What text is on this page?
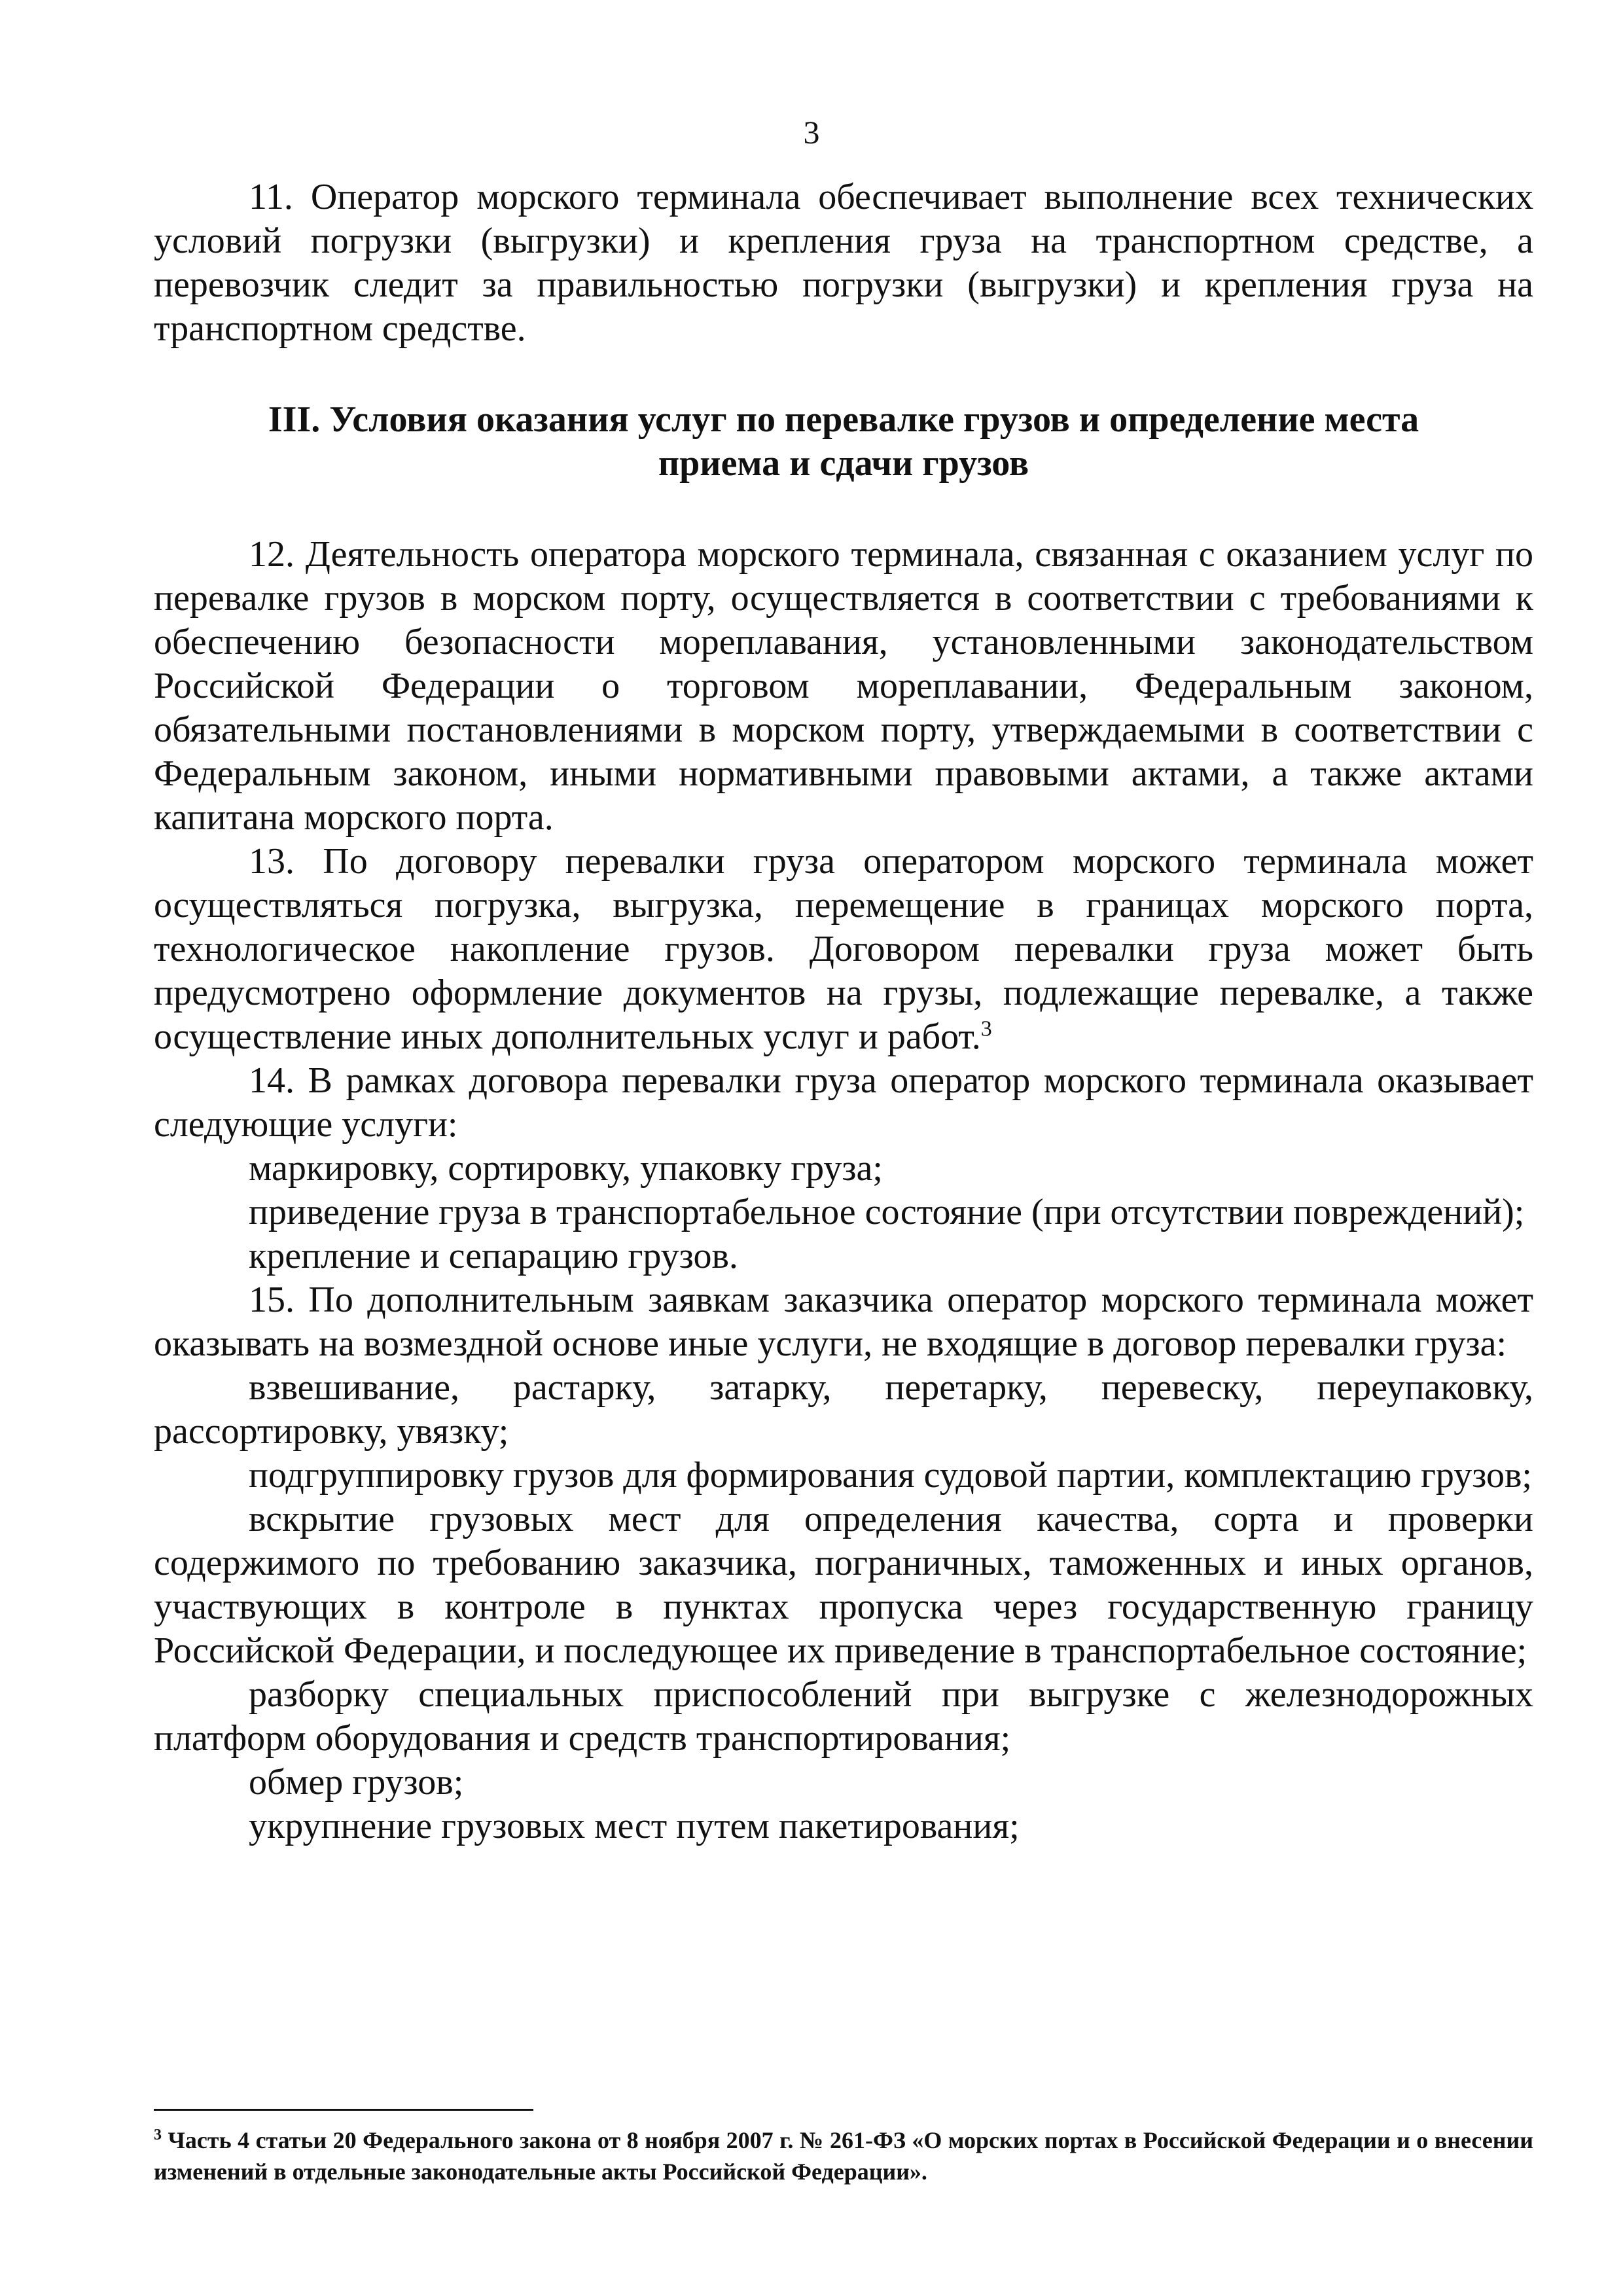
3

11. Оператор морского терминала обеспечивает выполнение всех технических условий погрузки (выгрузки) и крепления груза на транспортном средстве, а перевозчик следит за правильностью погрузки (выгрузки) и крепления груза на транспортном средстве.

III. Условия оказания услуг по перевалке грузов и определение места
приема и сдачи грузов

12. Деятельность оператора морского терминала, связанная с оказанием услуг по перевалке грузов в морском порту, осуществляется в соответствии с требованиями к обеспечению безопасности мореплавания, установленными законодательством Российской Федерации о торговом мореплавании, Федеральным законом, обязательными постановлениями в морском порту, утверждаемыми в соответствии с Федеральным законом, иными нормативными правовыми актами, а также актами капитана морского порта.

13. По договору перевалки груза оператором морского терминала может осуществляться погрузка, выгрузка, перемещение в границах морского порта, технологическое накопление грузов. Договором перевалки груза может быть предусмотрено оформление документов на грузы, подлежащие перевалке, а также осуществление иных дополнительных услуг и работ.$^3$

14. В рамках договора перевалки груза оператор морского терминала оказывает следующие услуги:

маркировку, сортировку, упаковку груза;

приведение груза в транспортабельное состояние (при отсутствии повреждений);

крепление и сепарацию грузов.

15. По дополнительным заявкам заказчика оператор морского терминала может оказывать на возмездной основе иные услуги, не входящие в договор перевалки груза:

взвешивание, растарку, затарку, перетарку, перевеску, переупаковку, рассортировку, увязку;

подгруппировку грузов для формирования судовой партии, комплектацию грузов;

вскрытие грузовых мест для определения качества, сорта и проверки содержимого по требованию заказчика, пограничных, таможенных и иных органов, участвующих в контроле в пунктах пропуска через государственную границу Российской Федерации, и последующее их приведение в транспортабельное состояние;

разборку специальных приспособлений при выгрузке с железнодорожных платформ оборудования и средств транспортирования;

обмер грузов;

укрупнение грузовых мест путем пакетирования;

$^3$ Часть 4 статьи 20 Федерального закона от 8 ноября 2007 г. № 261-ФЗ «О морских портах в Российской Федерации и о внесении изменений в отдельные законодательные акты Российской Федерации».
